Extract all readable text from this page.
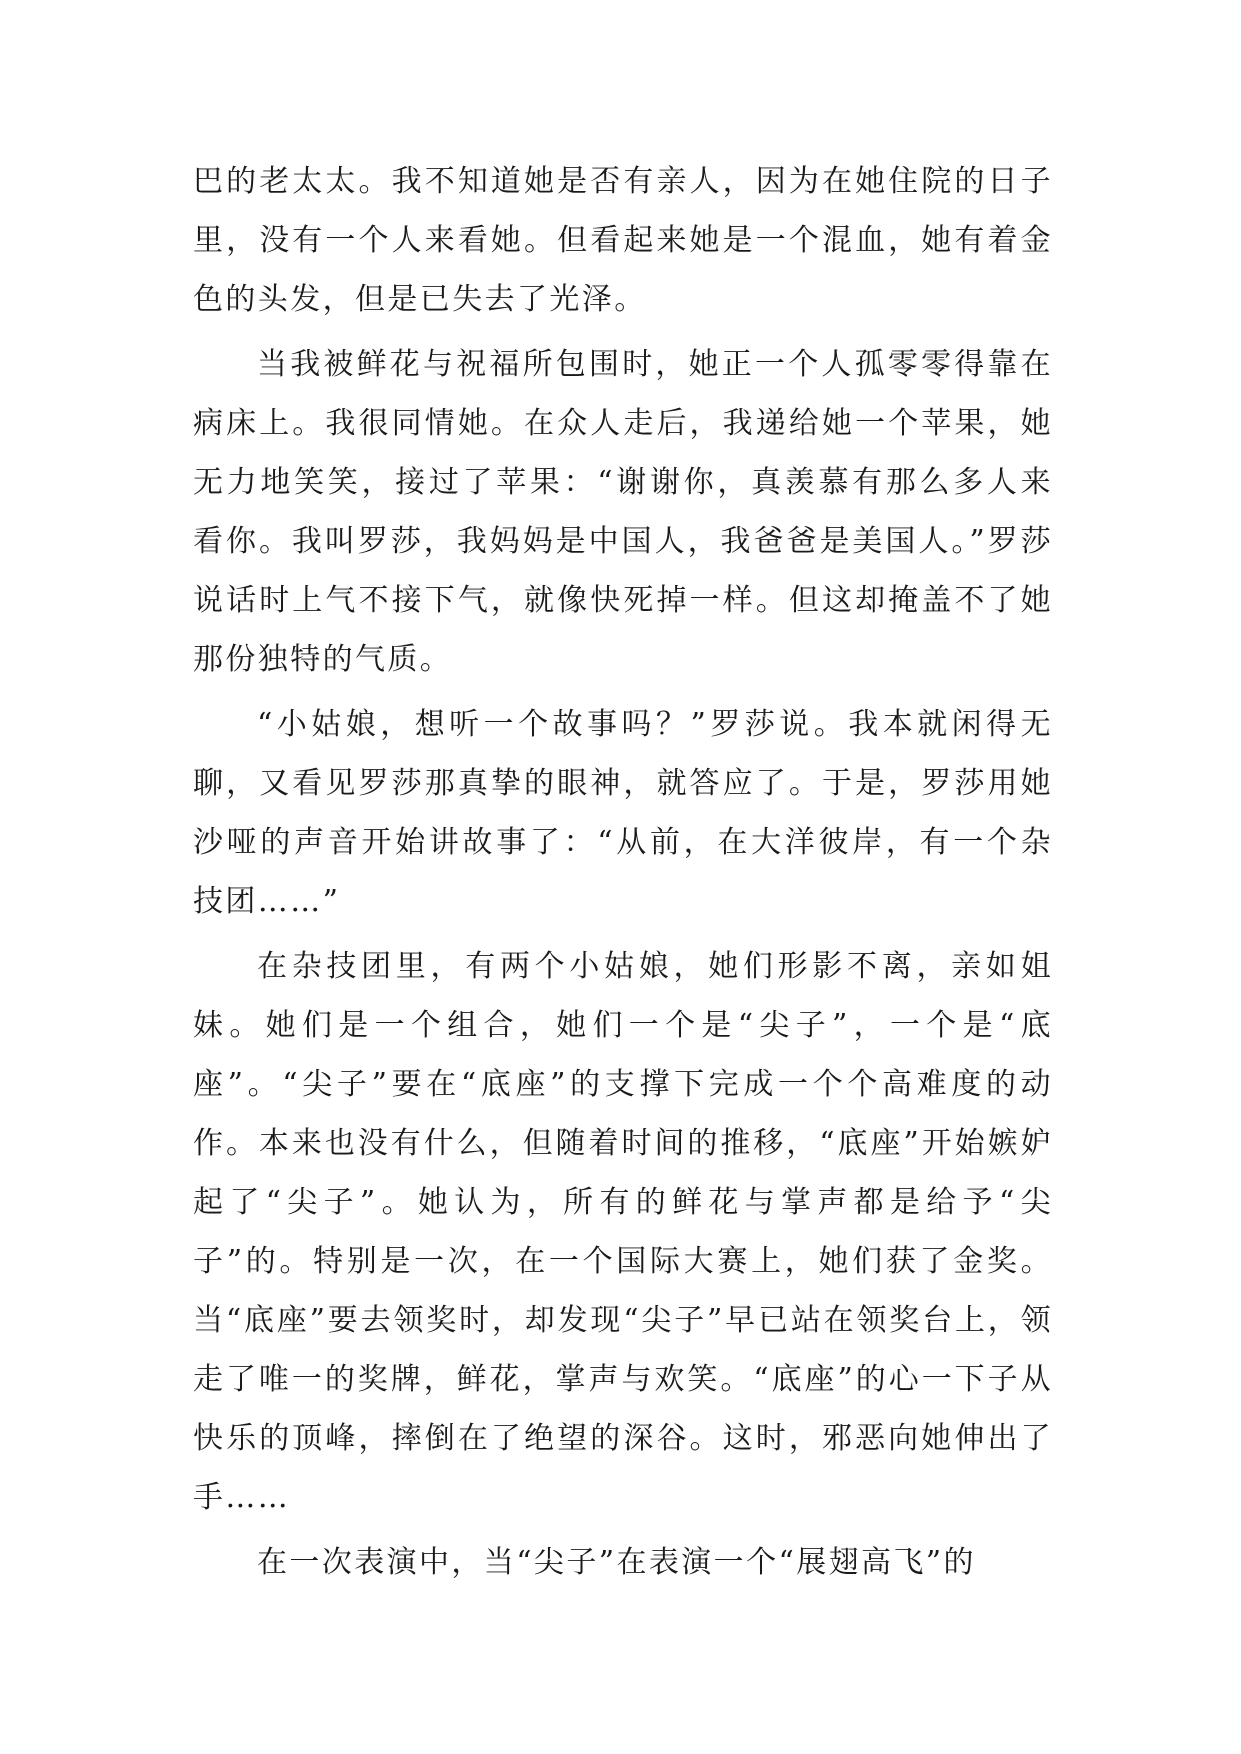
巴的老太太。我不知道她是否有亲人，因为在她住院的日子里，没有一个人来看她。但看起来她是一个混血，她有着金色的头发，但是已失去了光泽。

当我被鲜花与祝福所包围时，她正一个人孤零零得靠在病床上。我很同情她。在众人走后，我递给她一个苹果，她无力地笑笑，接过了苹果：“谢谢你，真羡慕有那么多人来看你。我叫罗莎，我妈妈是中国人，我爸爸是美国人。”罗莎说话时上气不接下气，就像快死掉一样。但这却掩盖不了她那份独特的气质。

“小姑娘，想听一个故事吗？”罗莎说。我本就闲得无聊，又看见罗莎那真挚的眼神，就答应了。于是，罗莎用她沙哑的声音开始讲故事了：“从前，在大洋彼岸，有一个杂技团……”

在杂技团里，有两个小姑娘，她们形影不离，亲如姐妹。她们是一个组合，她们一个是“尖子”，一个是“底座”。“尖子”要在“底座”的支撑下完成一个个高难度的动作。本来也没有什么，但随着时间的推移，“底座”开始嫉妒起了“尖子”。她认为，所有的鲜花与掌声都是给予“尖子”的。特别是一次，在一个国际大赛上，她们获了金奖。当“底座”要去领奖时，却发现“尖子”早已站在领奖台上，领走了唯一的奖牌，鲜花，掌声与欢笑。“底座”的心一下子从快乐的顶峰，摔倒在了绝望的深谷。这时，邪恶向她伸出了手……

在一次表演中，当“尖子”在表演一个“展翅高飞”的
